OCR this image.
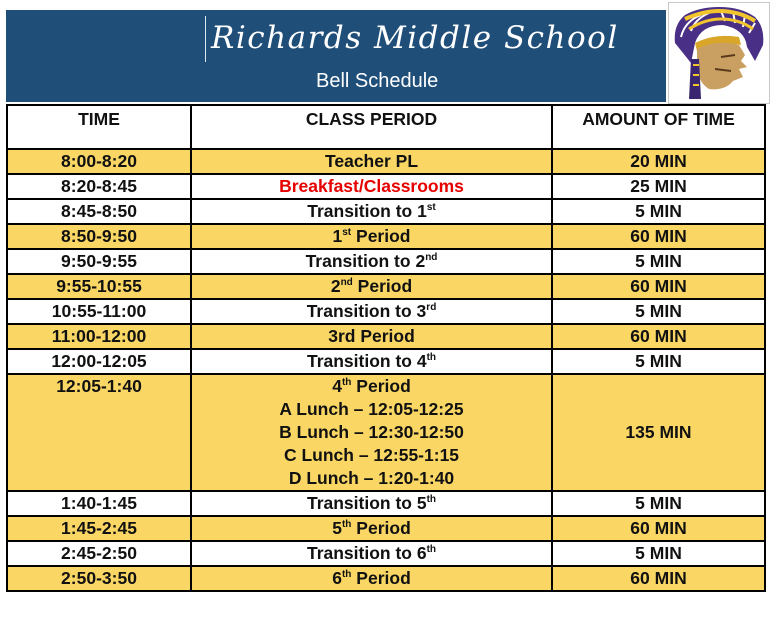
Richards Middle School
Bell Schedule
TIME	CLASS PERIOD	AMOUNT OF TIME
8:00-8:20	Teacher PL	20 MIN
8:20-8:45	Breakfast/Classrooms	25 MIN
8:45-8:50	Transition to 1st	5 MIN
8:50-9:50	1st Period	60 MIN
9:50-9:55	Transition to 2nd	5 MIN
9:55-10:55	2nd Period	60 MIN
10:55-11:00	Transition to 3rd	5 MIN
11:00-12:00	3rd Period	60 MIN
12:00-12:05	Transition to 4th	5 MIN
12:05-1:40	4th Period
A Lunch – 12:05-12:25
B Lunch – 12:30-12:50
C Lunch – 12:55-1:15
D Lunch – 1:20-1:40	135 MIN
1:40-1:45	Transition to 5th	5 MIN
1:45-2:45	5th Period	60 MIN
2:45-2:50	Transition to 6th	5 MIN
2:50-3:50	6th Period	60 MIN
